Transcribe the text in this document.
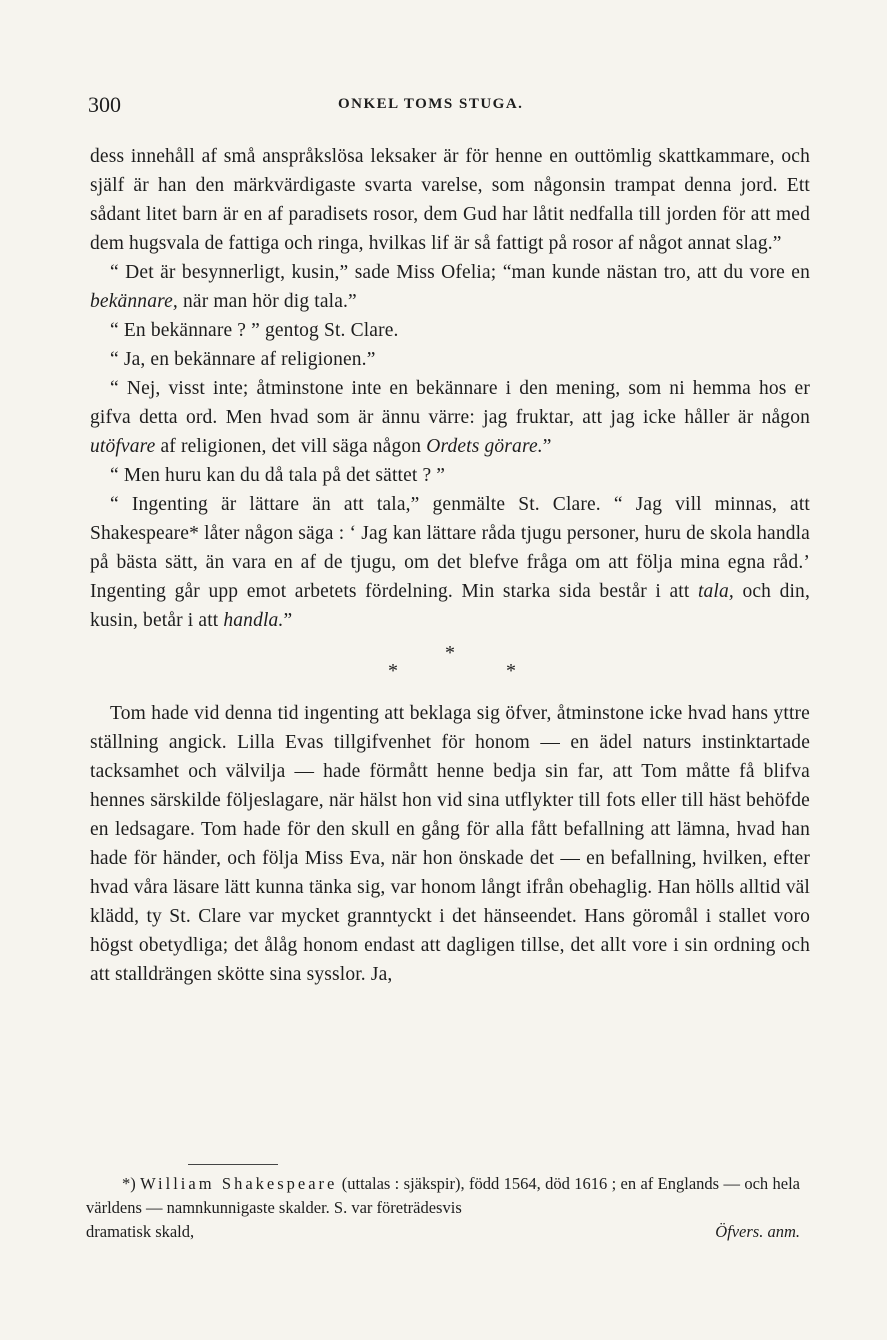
300	ONKEL TOMS STUGA.

dess innehåll af små anspråkslösa leksaker är för henne en outtömlig skattkammare, och själf är han den märkvärdigaste svarta varelse, som någonsin trampat denna jord. Ett sådant litet barn är en af paradisets rosor, dem Gud har låtit nedfalla till jorden för att med dem hugsvala de fattiga och ringa, hvilkas lif är så fattigt på rosor af något annat slag.”

“ Det är besynnerligt, kusin,” sade Miss Ofelia; “man kunde nästan tro, att du vore en bekännare, när man hör dig tala.”

“ En bekännare ? ” gentog St. Clare.

“ Ja, en bekännare af religionen.”

“ Nej, visst inte; åtminstone inte en bekännare i den mening, som ni hemma hos er gifva detta ord. Men hvad som är ännu värre: jag fruktar, att jag icke håller är någon utöfvare af religionen, det vill säga någon Ordets görare.”

“ Men huru kan du då tala på det sättet ? ”

“ Ingenting är lättare än att tala,” genmälte St. Clare. “ Jag vill minnas, att Shakespeare* låter någon säga : ‘ Jag kan lättare råda tjugu personer, huru de skola handla på bästa sätt, än vara en af de tjugu, om det blefve fråga om att följa mina egna råd.’ Ingenting går upp emot arbetets fördelning. Min starka sida består i att tala, och din, kusin, betår i att handla.”

*
*	*

Tom hade vid denna tid ingenting att beklaga sig öfver, åtminstone icke hvad hans yttre ställning angick. Lilla Evas tillgifvenhet för honom — en ädel naturs instinktartade tacksamhet och välvilja — hade förmått henne bedja sin far, att Tom måtte få blifva hennes särskilde följeslagare, när hälst hon vid sina utflykter till fots eller till häst behöfde en ledsagare. Tom hade för den skull en gång för alla fått befallning att lämna, hvad han hade för händer, och följa Miss Eva, när hon önskade det — en befallning, hvilken, efter hvad våra läsare lätt kunna tänka sig, var honom långt ifrån obehaglig. Han hölls alltid väl klädd, ty St. Clare var mycket granntyckt i det hänseendet. Hans göromål i stallet voro högst obetydliga; det ålåg honom endast att dagligen tillse, det allt vore i sin ordning och att stalldrängen skötte sina sysslor. Ja,

*) William Shakespeare (uttalas : sjäkspir), född 1564, död 1616 ; en af Englands — och hela världens — namnkunnigaste skalder. S. var företrädesvis

dramatisk skald,	Öfvers. anm.
